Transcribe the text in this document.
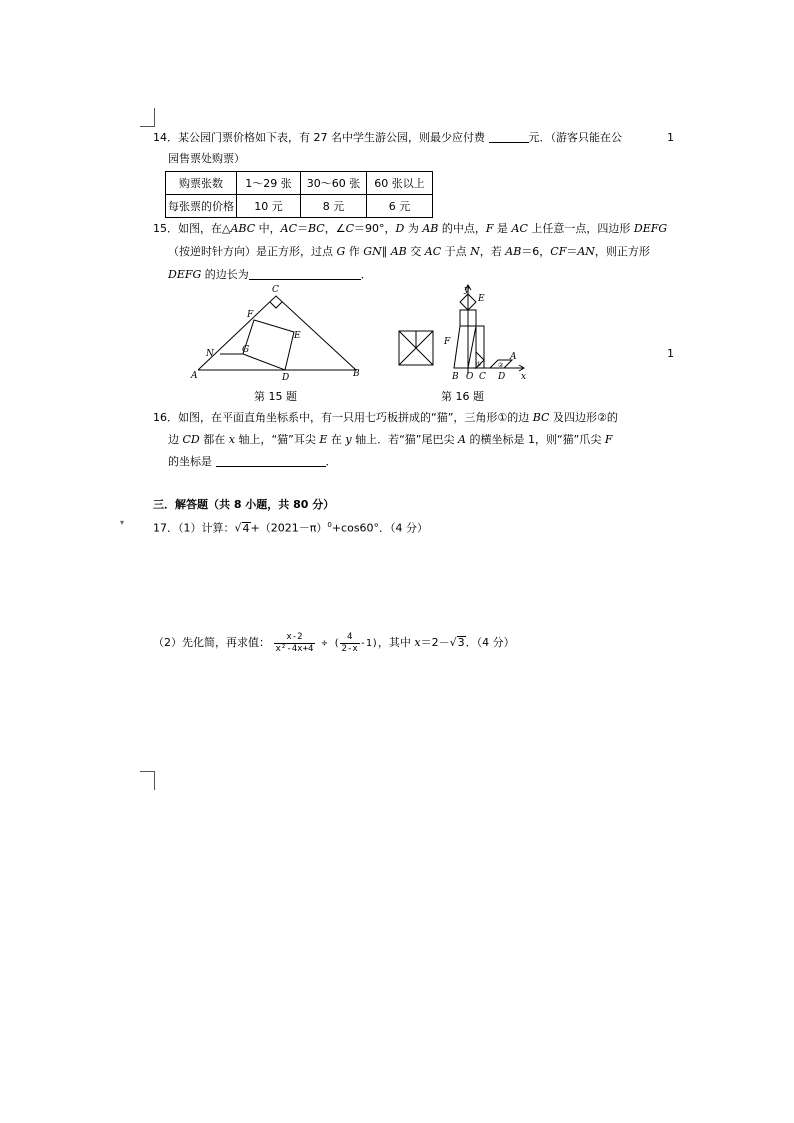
14．某公园门票价格如下表，有 27 名中学生游公园，则最少应付费	元．（游客只能在公
园售票处购票）
1
购票张数	1～29 张	30～60 张	60 张以上
每张票的价格	10 元	8 元	6 元
15．如图，在△ABC 中，AC＝BC，∠C＝90°，D 为 AB 的中点，F 是 AC 上任意一点，四边形 DEFG
（按逆时针方向）是正方形，过点 G 作 GN∥ AB 交 AC 于点 N，若 AB＝6，CF＝AN，则正方形
DEFG 的边长为	．
A	B
C
D
E
F
G
N
y
E
F
A
B O C D x
①	②
1
第 15 题	第 16 题
16．如图，在平面直角坐标系中，有一只用七巧板拼成的“猫”，三角形①的边 BC 及四边形②的
边 CD 都在 x 轴上，“猫”耳尖 E 在 y 轴上．若“猫”尾巴尖 A 的横坐标是 1，则“猫”爪尖 F
的坐标是	．
三．解答题（共 8 小题，共 80 分）
▾	17．（1）计算：$√4+(2021-\pi)^0+\cos 60^\circ$．（4 分）
（2）先化简，再求值： $\frac{x-2}{\text{x²-4x+4}}$ ÷ ( $\frac{4}{2-x} -1$)，其中 x＝2－√3．（4 分）
